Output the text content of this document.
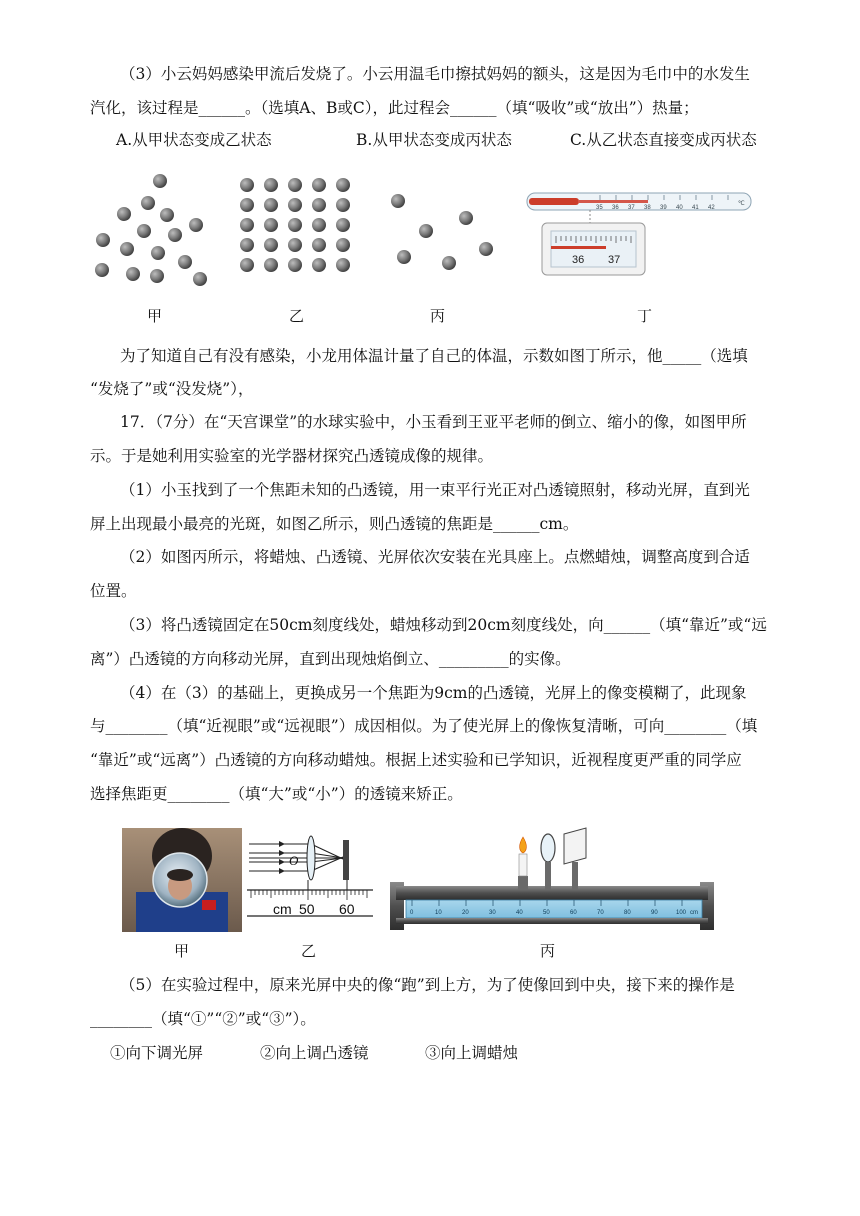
（3）小云妈妈感染甲流后发烧了。小云用温毛巾擦拭妈妈的额头，这是因为毛巾中的水发生
汽化，该过程是______。（选填A、B或C），此过程会______（填“吸收”或“放出”）热量；
A.从甲状态变成乙状态	B.从甲状态变成丙状态	C.从乙状态直接变成丙状态
35 36 37 38 39 40 41 42
℃
36 37
甲	乙	丙	丁
为了知道自己有没有感染，小龙用体温计量了自己的体温，示数如图丁所示，他_____（选填
“发烧了”或“没发烧”），
17．（7分）在“天宫课堂”的水球实验中，小玉看到王亚平老师的倒立、缩小的像，如图甲所
示。于是她利用实验室的光学器材探究凸透镜成像的规律。
（1）小玉找到了一个焦距未知的凸透镜，用一束平行光正对凸透镜照射，移动光屏，直到光
屏上出现最小最亮的光斑，如图乙所示，则凸透镜的焦距是______cm。
（2）如图丙所示，将蜡烛、凸透镜、光屏依次安装在光具座上。点燃蜡烛，调整高度到合适
位置。
（3）将凸透镜固定在50cm刻度线处，蜡烛移动到20cm刻度线处，向______（填“靠近”或“远
离”）凸透镜的方向移动光屏，直到出现烛焰倒立、_________的实像。
（4）在（3）的基础上，更换成另一个焦距为9cm的凸透镜，光屏上的像变模糊了，此现象
与________（填“近视眼”或“远视眼”）成因相似。为了使光屏上的像恢复清晰，可向________（填
“靠近”或“远离”）凸透镜的方向移动蜡烛。根据上述实验和已学知识，近视程度更严重的同学应
选择焦距更________（填“大”或“小”）的透镜来矫正。
O
cm 50 60	0	10	20	30	40	50	60	70	80	90	100 cm
甲	乙	丙
（5）在实验过程中，原来光屏中央的像“跑”到上方，为了使像回到中央，接下来的操作是
________（填“①”“②”或“③”）。
①向下调光屏	②向上调凸透镜	③向上调蜡烛
